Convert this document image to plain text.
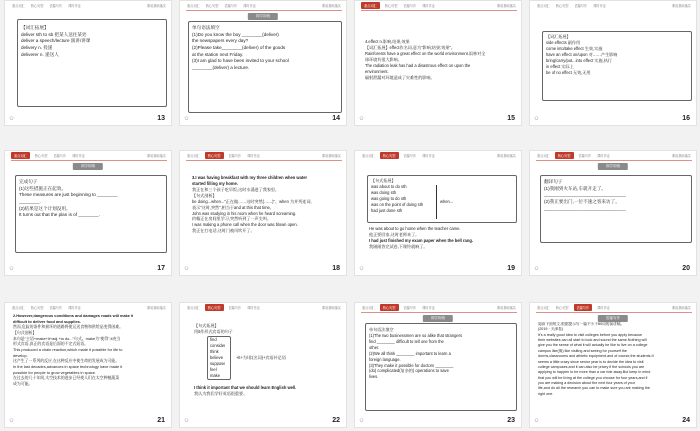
重点词汇	核心句型	语篇写作	课时作业	课前基础落实
【词汇拓展】
deliver sth to sb 把某人送往某处
deliver a speech/lecture 演讲/讲课
delivery n. 投递
deliverer n. 递送人
✩	13
重点词汇	核心句型	语篇写作	课时作业	课前基础落实
即学即练
单句语法填空
(1)Do you know the boy ________(deliver)
the newspapers every day?
(2)Please take________(deliver) of the goods
at the station next Friday.
(3)I am glad to have been invited to your school
________(deliver) a lecture.
✩	14
重点词汇	核心句型	语篇写作	课时作业	课前基础落实
4.effect n.影响,结果,效果
【词汇拓展】effect作名词,意为"影响;结果;效果"。
Rainforests have a great effect on the world environment.雨林对全
球环境有很大影响。
The radiation leak has had a disastrous effect on upon the
environment.
辐射泄漏对环境造成了灾难性的影响。
✩	15
重点词汇	核心句型	语篇写作	课时作业	课前基础落实
【词汇拓展】
side effects 副作用
come into/take effect 生效,实施
have an effect on/upon 对……产生影响
bring/carry/put...into effect 实施,执行
in effect 实际上
be of no effect 无效,无用
✩	16
重点词汇	核心句型	语篇写作	课时作业	课前基础落实
即学即练
完成句子
(1)这些措施正在起效。
These measures are just beginning to ________
________.
(2)结果是这个计划没用。
It turns out that the plan is of ________.
✩	17
重点词汇	核心句型	语篇写作	课时作业	课前基础落实
3.I was having breakfast with my three children when water
started filling my home.
我正在和三个孩子吃早饭,这时水涌进了我家里。
【句式剖析】
be doing...when..."正在做……这时突然(……)"。when 为并列连词,
表示"这时,突然",相当于and at this that time。
John was studying in his room when he heard screaming.
约翰正在房间里学习,突然听到了一声尖叫。
I was making a phone call when the door was blown open.
我正在打电话,这时门被风吹开了。
✩	18
重点词汇	核心句型	语篇写作	课时作业	课前基础落实
【句式拓展】
was about to do sth
was doing sth
was going to do sth
was on the point of doing sth
had just done sth
when...
He was about to go home when the teacher came.
他正要回家,这时老师来了。
I had just finished my exam paper when the bell rang.
我刚刚答完试卷,下课铃就响了。
✩	19
重点词汇	核心句型	语篇写作	课时作业	课前基础落实
即学即练
翻译句子
(1)我刚到火车站,车就开走了。
________________________________
(2)我正要出门,一位不速之客来访了。
________________________________
✩	20
重点词汇	核心句型	语篇写作	课时作业	课前基础落实
2.However,dangerous conditions and damages roads will make it
difficult to deliver food and supplies.
然而,危险的条件和损坏的道路将使运送食物和供给品变得困难。
【句式剖析】
本句是"主语+make+it+adj.+to do..."句式。make为"使得",it充当
形式宾语,真正的宾语是后面的不定式短语。
This produced a chain reaction,which made it possible for life to
develop.
这产生了一系列的反应,在这种反应中使生命的发展成为可能。
In the last decades,advances in space technology have made it
possible for people to grow vegetables in space.
在过去的几十年间,太空技术的进步已经使人们在太空种植蔬菜
成为可能。
✩	21
重点词汇	核心句型	语篇写作	课时作业	课前基础落实
【句式拓展】
用it作形式宾语的句子
find
consider
think
believe
suppose
feel
make
+it+为/非(名词)+宾语补足语
I think it important that we should learn English well.
我认为我们学好英语很重要。
✩	22
重点词汇	核心句型	语篇写作	课时作业	课前基础落实
即学即练
单句语法填空
(1)The two businessmen are so alike that strangers
find ________ difficult to tell one from the
other.
(2)We all think ________ important to learn a
foreign language.
(3)They make it possible for doctors ________
(do) complicated(复杂的) operations to save
lives.
✩	23
重点词汇	核心句型	语篇写作	课时作业	课前基础落实
语篇写作
阅读下面短文,根据提示写一篇不少于80词的演讲稿。
(2019 · 天津卷)
It's a really good idea to visit colleges before you apply because
their websites can all start to look and sound the same.Nothing will
give you the sense of what it will actually be like to live on a college
campus like(像) like visiting and seeing for yourself the
dorms,classrooms and athletic equipment,and of course,the students.It
seems a little crazy since senior year is to decide the idea to visit
college campuses,and it can also be pricey if the schools you are
applying to happen to be more than a car ride away.But keep in mind
that you will be living at the college you choose for four years,and if
you are making a decision about the next four years of your
life,and do all the research you can to make sure you are making the
right one.
✩	24
